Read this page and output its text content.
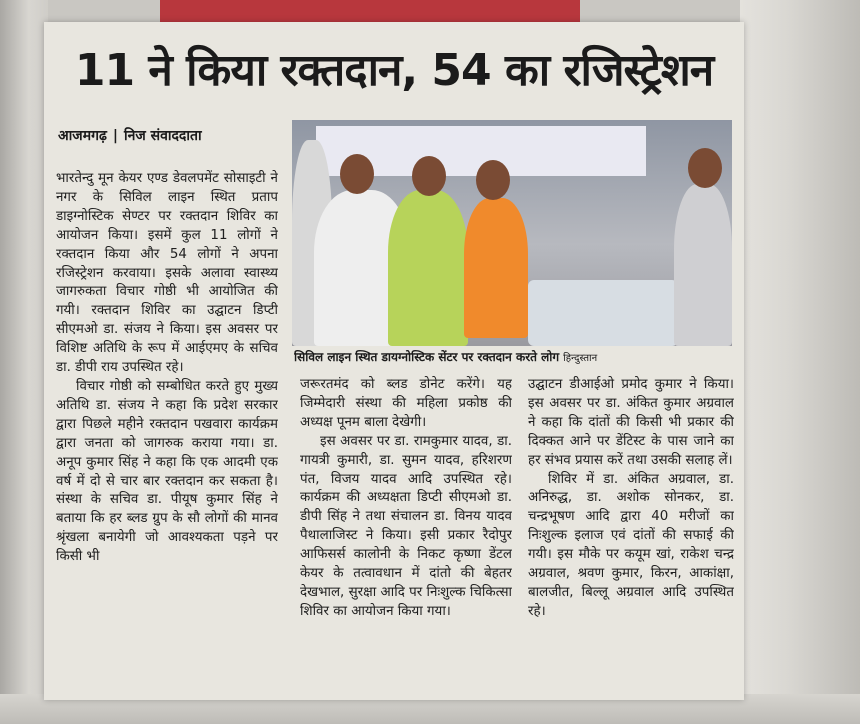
11 ने किया रक्तदान, 54 का रजिस्ट्रेशन
आजमगढ़ | निज संवाददाता
सिविल लाइन स्थित डायग्नोस्टिक सेंटर पर रक्तदान करते लोग हिन्दुस्तान

भारतेन्दु मून केयर एण्ड डेवलपमेंट सोसाइटी ने नगर के सिविल लाइन स्थित प्रताप डाइग्नोस्टिक सेण्टर पर रक्तदान शिविर का आयोजन किया। इसमें कुल 11 लोगों ने रक्तदान किया और 54 लोगों ने अपना रजिस्ट्रेशन करवाया। इसके अलावा स्वास्थ्य जागरुकता विचार गोष्ठी भी आयोजित की गयी। रक्तदान शिविर का उद्घाटन डिप्टी सीएमओ डा. संजय ने किया। इस अवसर पर विशिष्ट अतिथि के रूप में आईएमए के सचिव डा. डीपी राय उपस्थित रहे।

विचार गोष्ठी को सम्बोधित करते हुए मुख्य अतिथि डा. संजय ने कहा कि प्रदेश सरकार द्वारा पिछले महीने रक्तदान पखवारा कार्यक्रम द्वारा जनता को जागरुक कराया गया। डा. अनूप कुमार सिंह ने कहा कि एक आदमी एक वर्ष में दो से चार बार रक्तदान कर सकता है। संस्था के सचिव डा. पीयूष कुमार सिंह ने बताया कि हर ब्लड ग्रुप के सौ लोगों की मानव श्रृंखला बनायेगी जो आवश्यकता पड़ने पर किसी भी

जरूरतमंद को ब्लड डोनेट करेंगे। यह जिम्मेदारी संस्था की महिला प्रकोष्ठ की अध्यक्ष पूनम बाला देखेगी।

इस अवसर पर डा. रामकुमार यादव, डा. गायत्री कुमारी, डा. सुमन यादव, हरिशरण पंत, विजय यादव आदि उपस्थित रहे। कार्यक्रम की अध्यक्षता डिप्टी सीएमओ डा. डीपी सिंह ने तथा संचालन डा. विनय यादव पैथालाजिस्ट ने किया। इसी प्रकार रैदोपुर आफिसर्स कालोनी के निकट कृष्णा डेंटल केयर के तत्वावधान में दांतो की बेहतर देखभाल, सुरक्षा आदि पर निःशुल्क चिकित्सा शिविर का आयोजन किया गया।

उद्घाटन डीआईओ प्रमोद कुमार ने किया। इस अवसर पर डा. अंकित कुमार अग्रवाल ने कहा कि दांतों की किसी भी प्रकार की दिक्कत आने पर डेंटिस्ट के पास जाने का हर संभव प्रयास करें तथा उसकी सलाह लें।

शिविर में डा. अंकित अग्रवाल, डा. अनिरुद्ध, डा. अशोक सोनकर, डा. चन्द्रभूषण आदि द्वारा 40 मरीजों का निःशुल्क इलाज एवं दांतों की सफाई की गयी। इस मौके पर कयूम खां, राकेश चन्द्र अग्रवाल, श्रवण कुमार, किरन, आकांक्षा, बालजीत, बिल्लू अग्रवाल आदि उपस्थित रहे।
